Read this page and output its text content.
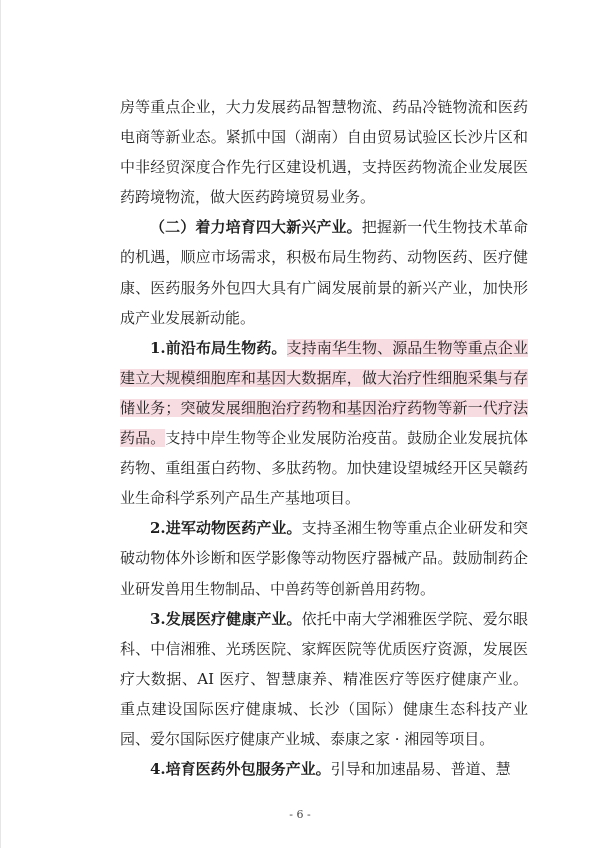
房等重点企业，大力发展药品智慧物流、药品冷链物流和医药电商等新业态。紧抓中国（湖南）自由贸易试验区长沙片区和中非经贸深度合作先行区建设机遇，支持医药物流企业发展医药跨境物流，做大医药跨境贸易业务。

（二）着力培育四大新兴产业。把握新一代生物技术革命的机遇，顺应市场需求，积极布局生物药、动物医药、医疗健康、医药服务外包四大具有广阔发展前景的新兴产业，加快形成产业发展新动能。

1.前沿布局生物药。支持南华生物、源品生物等重点企业建立大规模细胞库和基因大数据库，做大治疗性细胞采集与存储业务；突破发展细胞治疗药物和基因治疗药物等新一代疗法药品。支持中岸生物等企业发展防治疫苗。鼓励企业发展抗体药物、重组蛋白药物、多肽药物。加快建设望城经开区吴赣药业生命科学系列产品生产基地项目。

2.进军动物医药产业。支持圣湘生物等重点企业研发和突破动物体外诊断和医学影像等动物医疗器械产品。鼓励制药企业研发兽用生物制品、中兽药等创新兽用药物。

3.发展医疗健康产业。依托中南大学湘雅医学院、爱尔眼科、中信湘雅、光琇医院、家辉医院等优质医疗资源，发展医疗大数据、AI 医疗、智慧康养、精准医疗等医疗健康产业。重点建设国际医疗健康城、长沙（国际）健康生态科技产业园、爱尔国际医疗健康产业城、泰康之家 · 湘园等项目。

4.培育医药外包服务产业。引导和加速晶易、普道、慧

- 6 -
